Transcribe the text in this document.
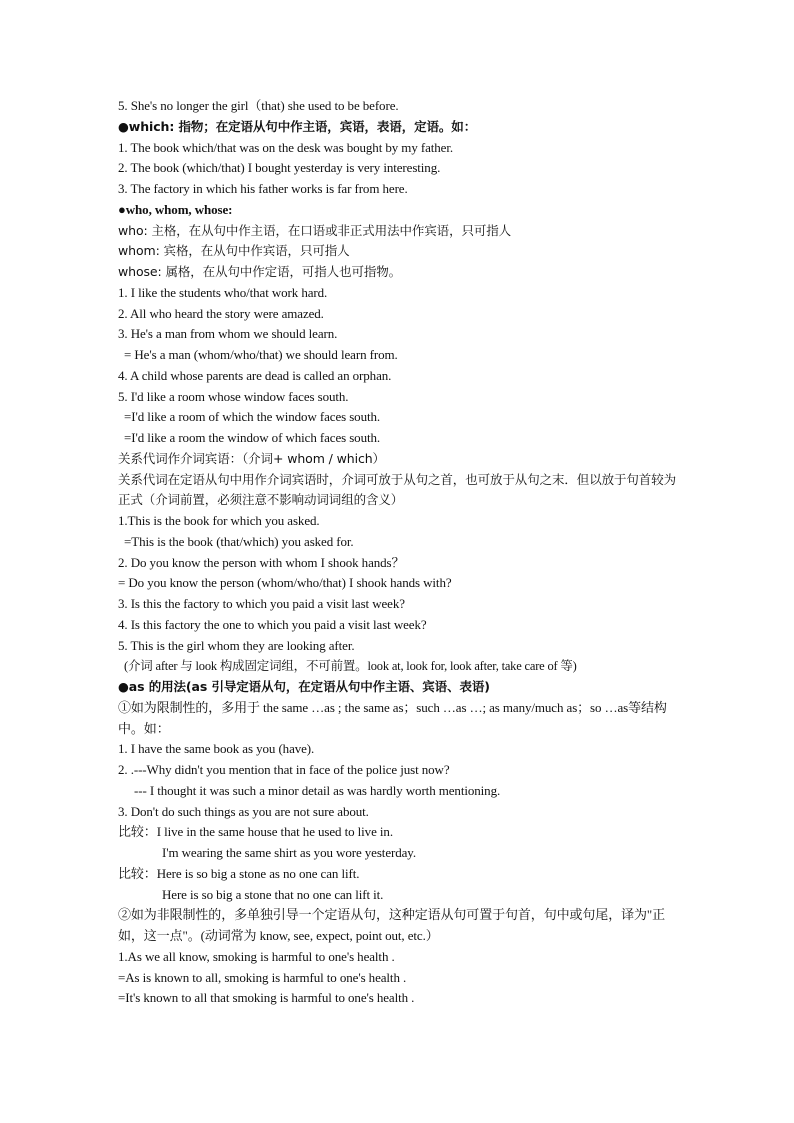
5. She's no longer the girl（that) she used to be before.
●which: 指物；在定语从句中作主语，宾语，表语，定语。如：
1. The book which/that was on the desk was bought by my father.
2. The book (which/that) I bought yesterday is very interesting.
3. The factory in which his father works is far from here.
●who, whom, whose:
who: 主格，在从句中作主语，在口语或非正式用法中作宾语，只可指人
whom: 宾格，在从句中作宾语，只可指人
whose: 属格，在从句中作定语，可指人也可指物。
1. I like the students who/that work hard.
2. All who heard the story were amazed.
3. He's a man from whom we should learn.
= He's a man (whom/who/that) we should learn from.
4. A child whose parents are dead is called an orphan.
5. I'd like a room whose window faces south.
=I'd like a room of which the window faces south.
=I'd like a room the window of which faces south.
关系代词作介词宾语：（介词+ whom / which）
关系代词在定语从句中用作介词宾语时，介词可放于从句之首，也可放于从句之末．但以放于句首较为正式（介词前置，必须注意不影响动词词组的含义）
1.This is the book for which you asked.
=This is the book (that/which) you asked for.
2. Do you know the person with whom I shook hands？
= Do you know the person (whom/who/that) I shook hands with?
3. Is this the factory to which you paid a visit last week?
4. Is this factory the one to which you paid a visit last week?
5. This is the girl whom they are looking after.
(介词 after 与 look 构成固定词组，不可前置。look at, look for, look after, take care of 等)
●as 的用法(as 引导定语从句，在定语从句中作主语、宾语、表语)
①如为限制性的，多用于 the same …as ; the same as；such …as …; as many/much as；so …as等结构中。如：
1. I have the same book as you (have).
2. .---Why didn't you mention that in face of the police just now?
--- I thought it was such a minor detail as was hardly worth mentioning.
3. Don't do such things as you are not sure about.
比较：I live in the same house that he used to live in.
I'm wearing the same shirt as you wore yesterday.
比较：Here is so big a stone as no one can lift.
Here is so big a stone that no one can lift it.
②如为非限制性的，多单独引导一个定语从句，这种定语从句可置于句首，句中或句尾，译为"正如，这一点"。(动词常为 know, see, expect, point out, etc.）
1.As we all know, smoking is harmful to one's health .
=As is known to all, smoking is harmful to one's health .
=It's known to all that smoking is harmful to one's health .
